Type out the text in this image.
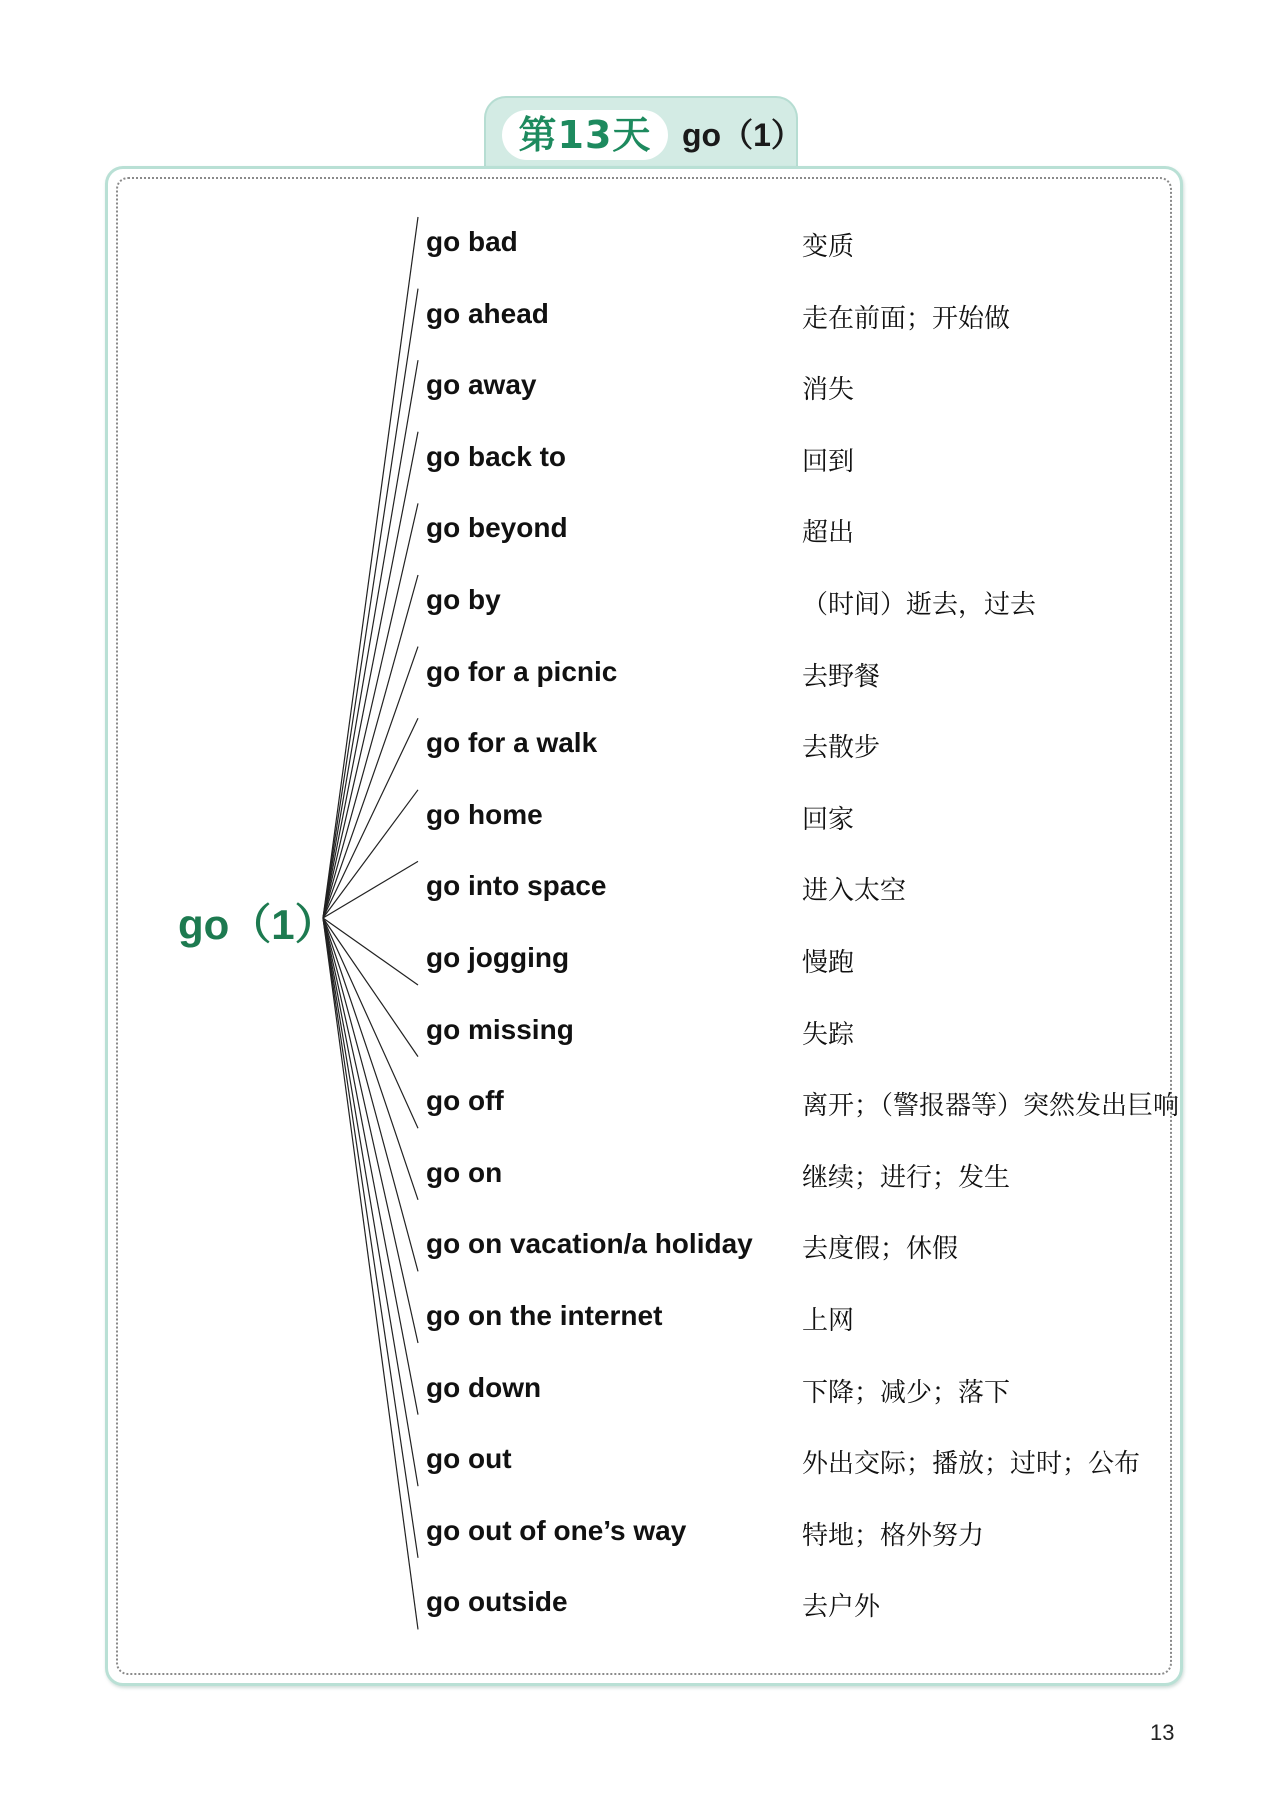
第13天 go（1）
go（1）
go bad	变质
go ahead	走在前面；开始做
go away	消失
go back to	回到
go beyond	超出
go by	（时间）逝去，过去
go for a picnic	去野餐
go for a walk	去散步
go home	回家
go into space	进入太空
go jogging	慢跑
go missing	失踪
go off	离开；（警报器等）突然发出巨响
go on	继续；进行；发生
go on vacation/a holiday 去度假；休假
go on the internet	上网
go down	下降；减少；落下
go out	外出交际；播放；过时；公布
go out of one’s way	特地；格外努力
go outside	去户外
13
